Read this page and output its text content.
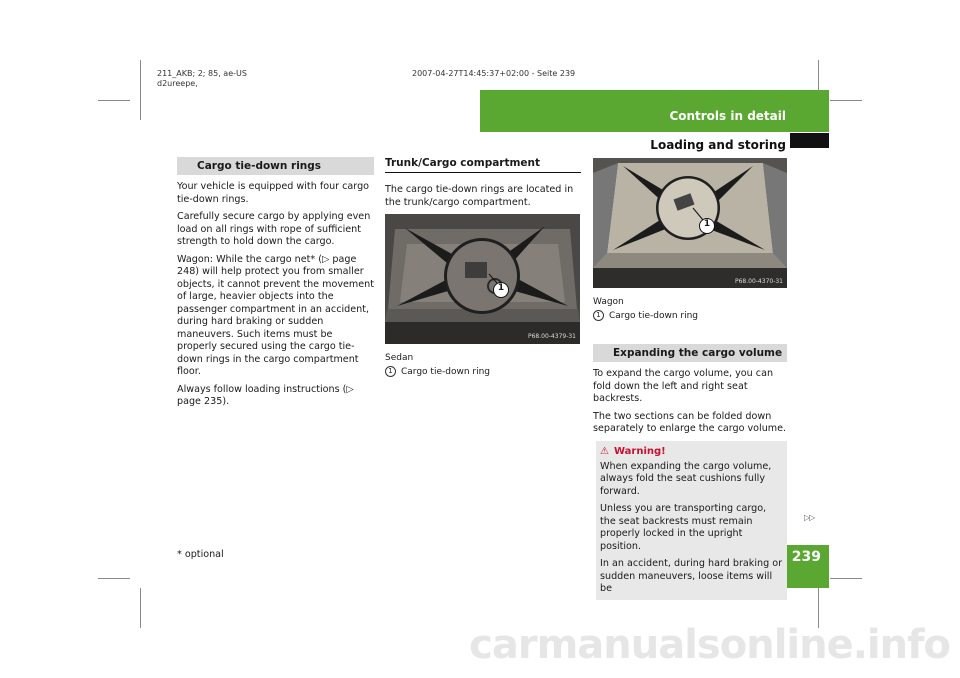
211_AKB; 2; 85, ae-US
d2ureepe,
2007-04-27T14:45:37+02:00 - Seite 239
Controls in detail
Loading and storing
239
Cargo tie-down rings

Your vehicle is equipped with four cargo tie-down rings.

Carefully secure cargo by applying even load on all rings with rope of sufficient strength to hold down the cargo.

Wagon: While the cargo net* (▷ page 248) will help protect you from smaller objects, it cannot prevent the movement of large, heavier objects into the passenger compartment in an accident, during hard braking or sudden maneuvers. Such items must be properly secured using the cargo tie-down rings in the cargo compartment floor.

Always follow loading instructions (▷ page 235).

Trunk/Cargo compartment

The cargo tie-down rings are located in the trunk/cargo compartment.

1
P68.00-4379-31
Sedan
1 Cargo tie-down ring
1
P68.00-4370-31
Wagon
1 Cargo tie-down ring
Expanding the cargo volume

To expand the cargo volume, you can fold down the left and right seat backrests.

The two sections can be folded down separately to enlarge the cargo volume.

⚠ Warning!

When expanding the cargo volume, always fold the seat cushions fully forward.

Unless you are transporting cargo, the seat backrests must remain properly locked in the upright position.

In an accident, during hard braking or sudden maneuvers, loose items will be

▷▷
* optional
carmanualsonline.info
